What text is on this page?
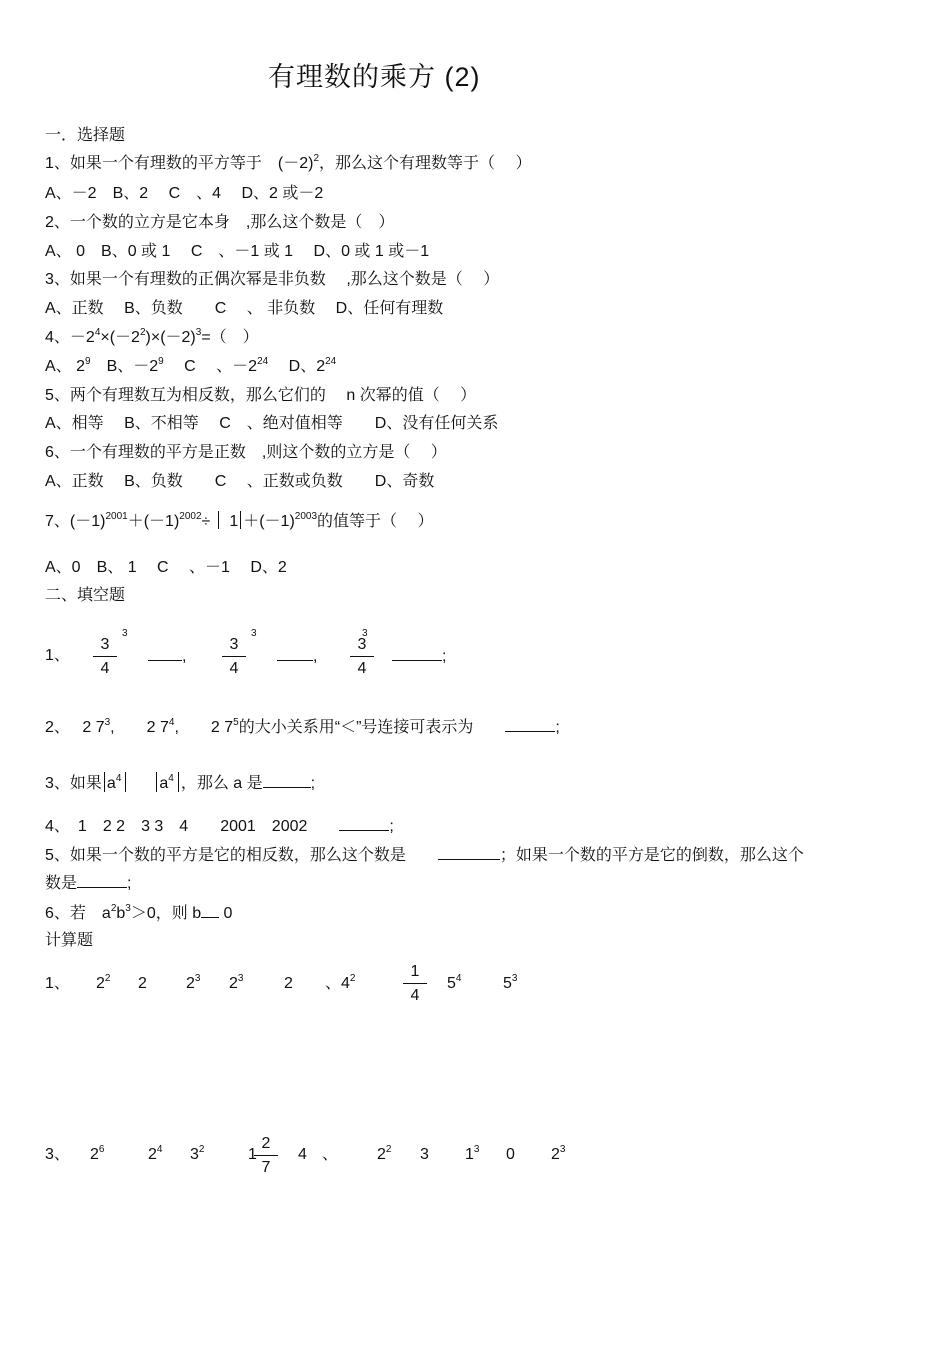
有理数的乘方 (2)
一．选择题
1、如果一个有理数的平方等于　 $(-2)^2$，那么这个有理数等于（　 ）
A、－2　B、2　 C　、4　 D、2 或－2
2、一个数的立方是它本身　,那么这个数是（　）
A、 0　B、0 或 1　 C　、－1 或 1　 D、0 或 1 或－1
3、如果一个有理数的正偶次幂是非负数　 ,那么这个数是（　 ）
A、正数　 B、负数　　C　 、 非负数　 D、任何有理数
4、$-2^4\times(-2^2)\times(-2)^3=$（　）
A、 $2^9$　B、$-2^9$　 C　 、$-2^{24}$　 D、$2^{24}$
5、两个有理数互为相反数，那么它们的　 n 次幂的值（　 ）
A、相等　 B、不相等　 C　、绝对值相等　　D、没有任何关系
6、一个有理数的平方是正数　,则这个数的立方是（　 ）
A、正数　 B、负数　　C　 、正数或负数　　D、奇数
7、$(-1)^{2001}+(-1)^{2002}\div 1 +(-1)^{2003}$的值等于（　 ）
A、0　B、 1　 C　 、－1　 D、2
二、填空题
1、 $\frac{3}{4}$
3
, $\frac{3}{4}$
3
, $\frac{3}{4}$
3
;
2、　 2 $7^3$,　　 2 $7^4$,　　 2 $7^5$的大小关系用“＜”号连接可表示为　　	;
3、如果 $a^4$ $a^4$ ，那么 a 是	;
4、　 1　2 2　3 3　4　　2001　2002　　	;
5、如果一个数的平方是它的相反数，那么这个数是　　	；如果一个数的平方是它的倒数，那么这个
数是	;
6、若　$a^2b^3>0$，则 b 0
计算题
1、 $2^2$ 2 $2^3$ $2^3$	2 、$4^2$	$\frac{1}{4} 5^4$	$5^3$
3、 $2^6$	$2^4$ $3^2$	1
$\frac{2}{7} 4$ 、 $2^2$ 3 $1^3$ 0 $2^3$
